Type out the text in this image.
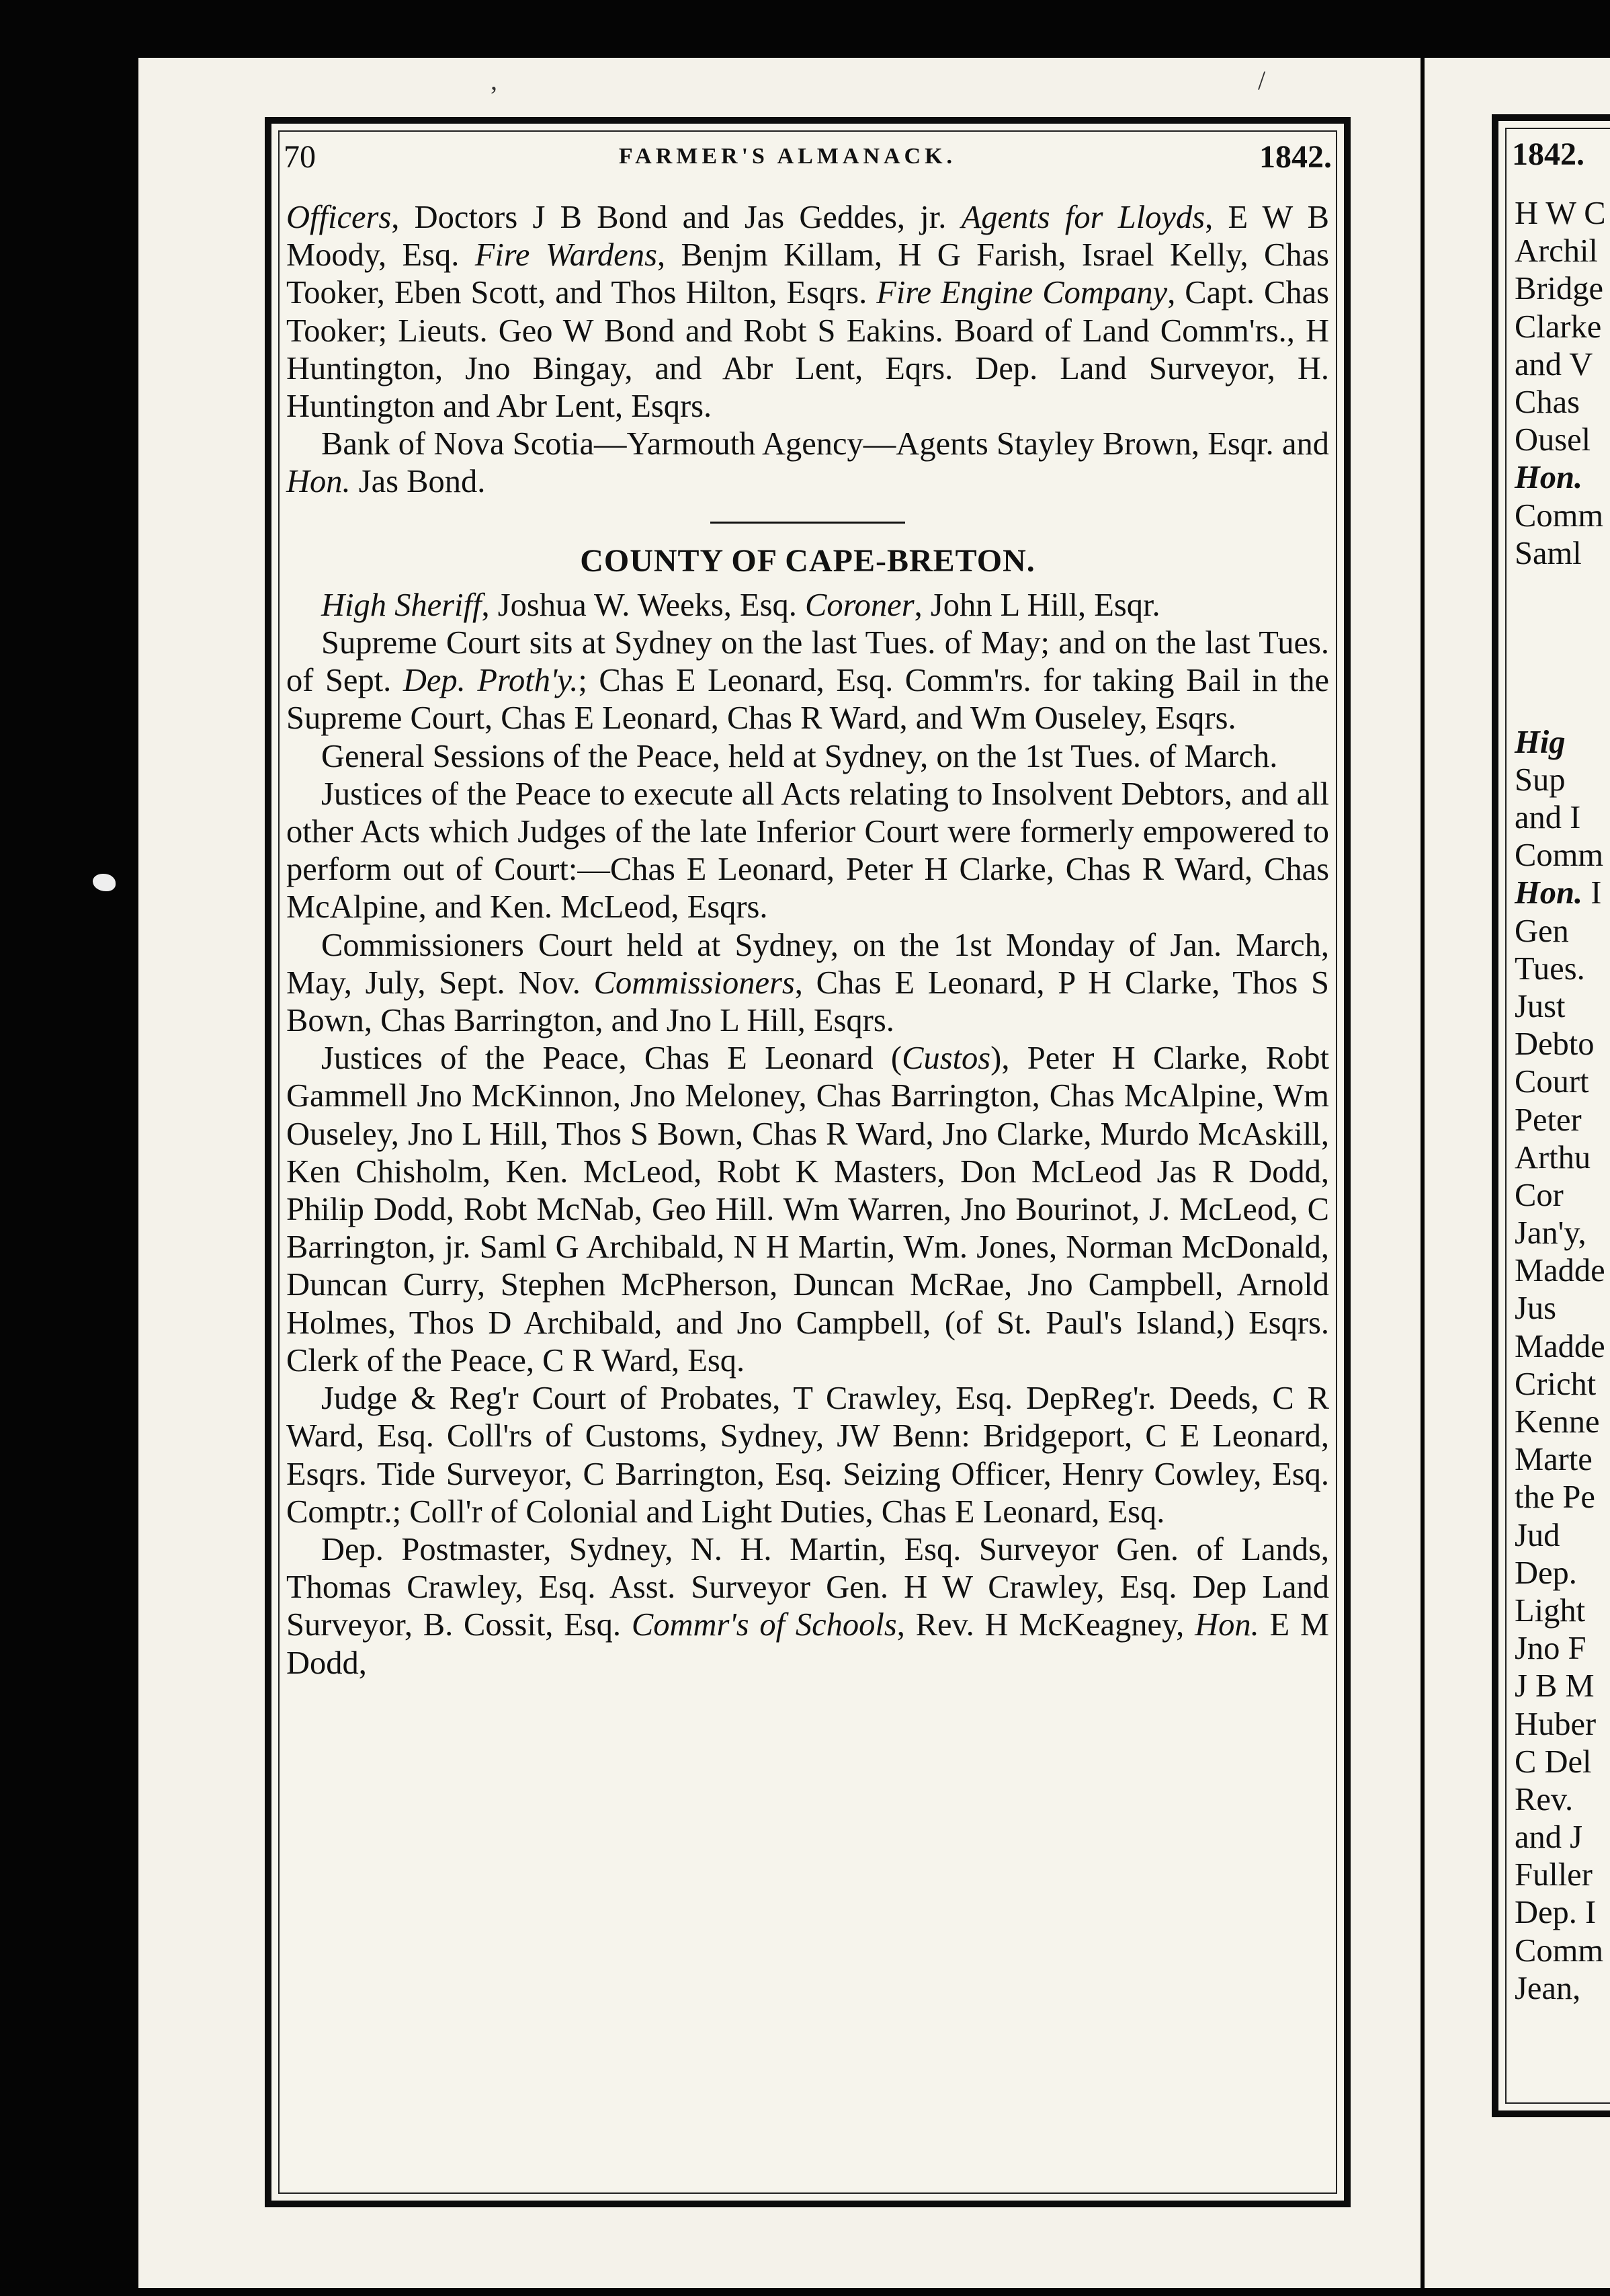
,	/
70	FARMER'S ALMANACK.	1842.

Officers, Doctors J B Bond and Jas Geddes, jr. Agents for Lloyds, E W B Moody, Esq. Fire Wardens, Benjm Killam, H G Farish, Israel Kelly, Chas Tooker, Eben Scott, and Thos Hilton, Esqrs. Fire Engine Company, Capt. Chas Tooker; Lieuts. Geo W Bond and Robt S Eakins. Board of Land Comm'rs., H Huntington, Jno Bingay, and Abr Lent, Eqrs. Dep. Land Surveyor, H. Huntington and Abr Lent, Esqrs.

Bank of Nova Scotia—Yarmouth Agency—Agents Stayley Brown, Esqr. and Hon. Jas Bond.

COUNTY OF CAPE-BRETON.

High Sheriff, Joshua W. Weeks, Esq. Coroner, John L Hill, Esqr.

Supreme Court sits at Sydney on the last Tues. of May; and on the last Tues. of Sept. Dep. Proth'y.; Chas E Leonard, Esq. Comm'rs. for taking Bail in the Supreme Court, Chas E Leonard, Chas R Ward, and Wm Ouseley, Esqrs.

General Sessions of the Peace, held at Sydney, on the 1st Tues. of March.

Justices of the Peace to execute all Acts relating to Insolvent Debtors, and all other Acts which Judges of the late Inferior Court were formerly empowered to perform out of Court:—Chas E Leonard, Peter H Clarke, Chas R Ward, Chas McAlpine, and Ken. McLeod, Esqrs.

Commissioners Court held at Sydney, on the 1st Monday of Jan. March, May, July, Sept. Nov. Commissioners, Chas E Leonard, P H Clarke, Thos S Bown, Chas Barrington, and Jno L Hill, Esqrs.

Justices of the Peace, Chas E Leonard (Custos), Peter H Clarke, Robt Gammell Jno McKinnon, Jno Meloney, Chas Barrington, Chas McAlpine, Wm Ouseley, Jno L Hill, Thos S Bown, Chas R Ward, Jno Clarke, Murdo McAskill, Ken Chisholm, Ken. McLeod, Robt K Masters, Don McLeod Jas R Dodd, Philip Dodd, Robt McNab, Geo Hill. Wm Warren, Jno Bourinot, J. McLeod, C Barrington, jr. Saml G Archibald, N H Martin, Wm. Jones, Norman McDonald, Duncan Curry, Stephen McPherson, Duncan McRae, Jno Campbell, Arnold Holmes, Thos D Archibald, and Jno Campbell, (of St. Paul's Island,) Esqrs. Clerk of the Peace, C R Ward, Esq.

Judge & Reg'r Court of Probates, T Crawley, Esq. DepReg'r. Deeds, C R Ward, Esq. Coll'rs of Customs, Sydney, JW Benn: Bridgeport, C E Leonard, Esqrs. Tide Surveyor, C Barrington, Esq. Seizing Officer, Henry Cowley, Esq. Comptr.; Coll'r of Colonial and Light Duties, Chas E Leonard, Esq.

Dep. Postmaster, Sydney, N. H. Martin, Esq. Surveyor Gen. of Lands, Thomas Crawley, Esq. Asst. Surveyor Gen. H W Crawley, Esq. Dep Land Surveyor, B. Cossit, Esq. Commr's of Schools, Rev. H McKeagney, Hon. E M Dodd,

1842.
H W C
Archil
Bridge
Clarke
and V
Chas
Ousel
Hon.
Comm
Saml

Hig
Sup
and I
Comm
Hon. I
Gen
Tues.
Just
Debto
Court
Peter
Arthu
Cor
Jan'y,
Madde
Jus
Madde
Cricht
Kenne
Marte
the Pe
Jud
Dep.
Light
Jno F
J B M
Huber
C Del
Rev.
and J
Fuller
Dep. I
Comm
Jean,
